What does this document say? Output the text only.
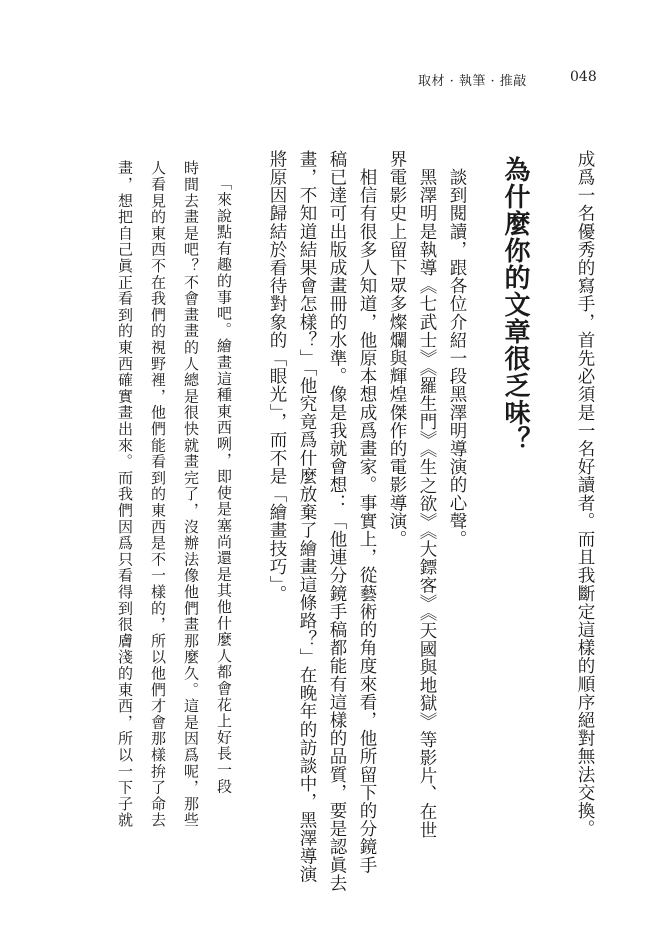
取材 · 執筆 · 推敲	048
成爲一名優秀的寫手，首先必須是一名好讀者。而且我斷定這樣的順序絕對無法交換。
為什麼你的文章很乏味？
　談到閱讀，跟各位介紹一段黑澤明導演的心聲。
　黑澤明是執導《七武士》《羅生門》《生之欲》《大鏢客》《天國與地獄》等影片、在世
界電影史上留下眾多燦爛與輝煌傑作的電影導演。
　相信有很多人知道，他原本想成爲畫家。事實上，從藝術的角度來看，他所留下的分鏡手
稿已達可出版成畫冊的水準。像是我就會想：「他連分鏡手稿都能有這樣的品質，要是認眞去
畫，不知道結果會怎樣？」「他究竟爲什麼放棄了繪畫這條路？」在晚年的訪談中，黑澤導演
將原因歸結於看待對象的「眼光」，而不是「繪畫技巧」。
「來說點有趣的事吧。繪畫這種東西咧，即使是塞尚還是其他什麼人都會花上好長一段
時間去畫是吧？不會畫畫的人總是很快就畫完了，沒辦法像他們畫那麼久。這是因爲呢，那些
人看見的東西不在我們的視野裡，他們能看到的東西是不一樣的，所以他們才會那樣拚了命去
畫，想把自己眞正看到的東西確實畫出來。而我們因爲只看得到很膚淺的東西，所以一下子就
